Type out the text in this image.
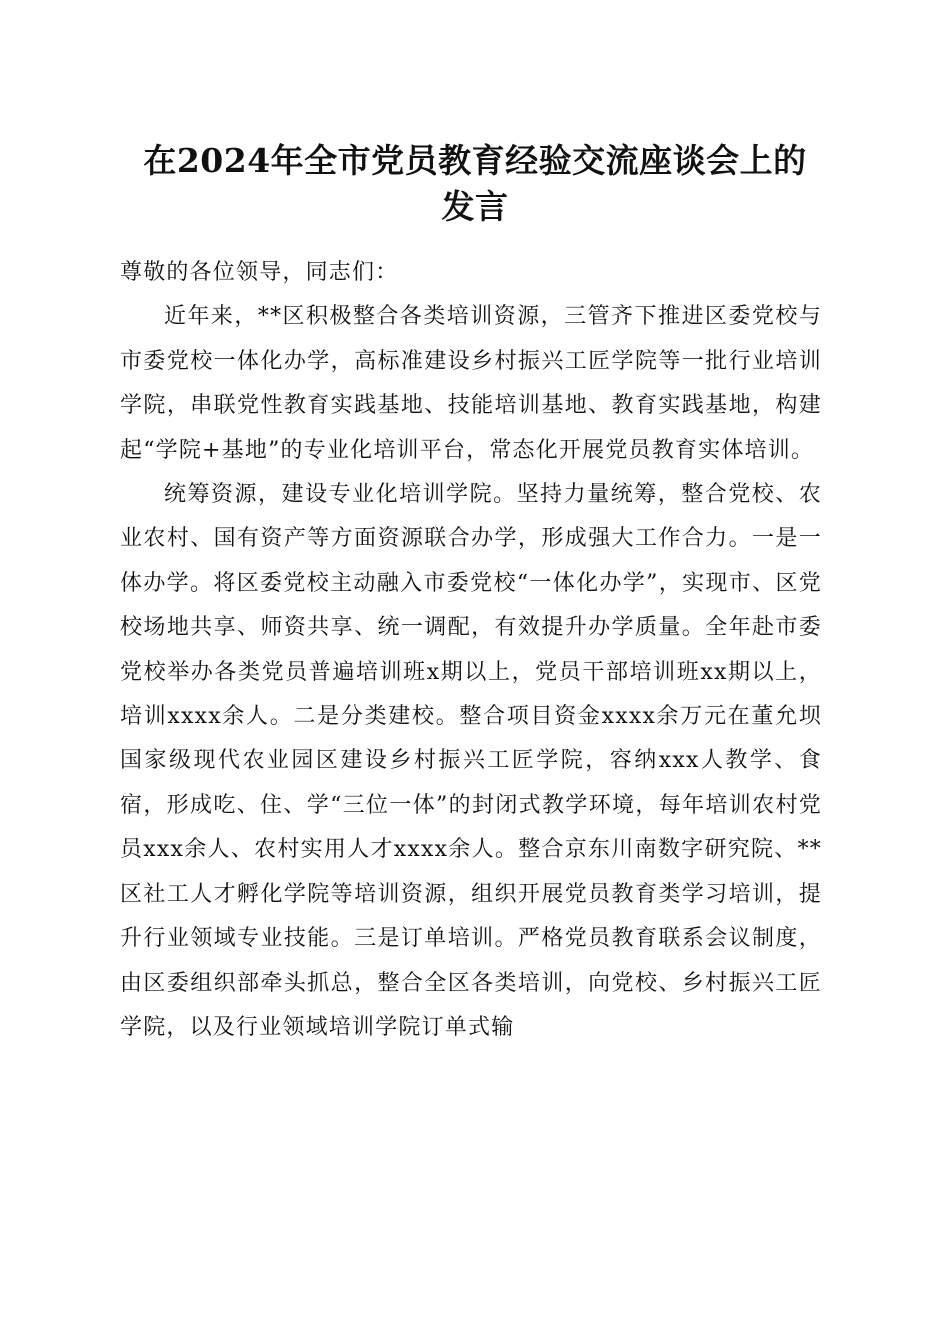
在2024年全市党员教育经验交流座谈会上的
发言

尊敬的各位领导，同志们：

近年来，**区积极整合各类培训资源，三管齐下推进区委党校与市委党校一体化办学，高标准建设乡村振兴工匠学院等一批行业培训学院，串联党性教育实践基地、技能培训基地、教育实践基地，构建起“学院+基地”的专业化培训平台，常态化开展党员教育实体培训。

统筹资源，建设专业化培训学院。坚持力量统筹，整合党校、农业农村、国有资产等方面资源联合办学，形成强大工作合力。一是一体办学。将区委党校主动融入市委党校“一体化办学”，实现市、区党校场地共享、师资共享、统一调配，有效提升办学质量。全年赴市委党校举办各类党员普遍培训班x期以上，党员干部培训班xx期以上，培训xxxx余人。二是分类建校。整合项目资金xxxx余万元在董允坝国家级现代农业园区建设乡村振兴工匠学院，容纳xxx人教学、食宿，形成吃、住、学“三位一体”的封闭式教学环境，每年培训农村党员xxx余人、农村实用人才xxxx余人。整合京东川南数字研究院、**区社工人才孵化学院等培训资源，组织开展党员教育类学习培训，提升行业领域专业技能。三是订单培训。严格党员教育联系会议制度，由区委组织部牵头抓总，整合全区各类培训，向党校、乡村振兴工匠学院，以及行业领域培训学院订单式输
